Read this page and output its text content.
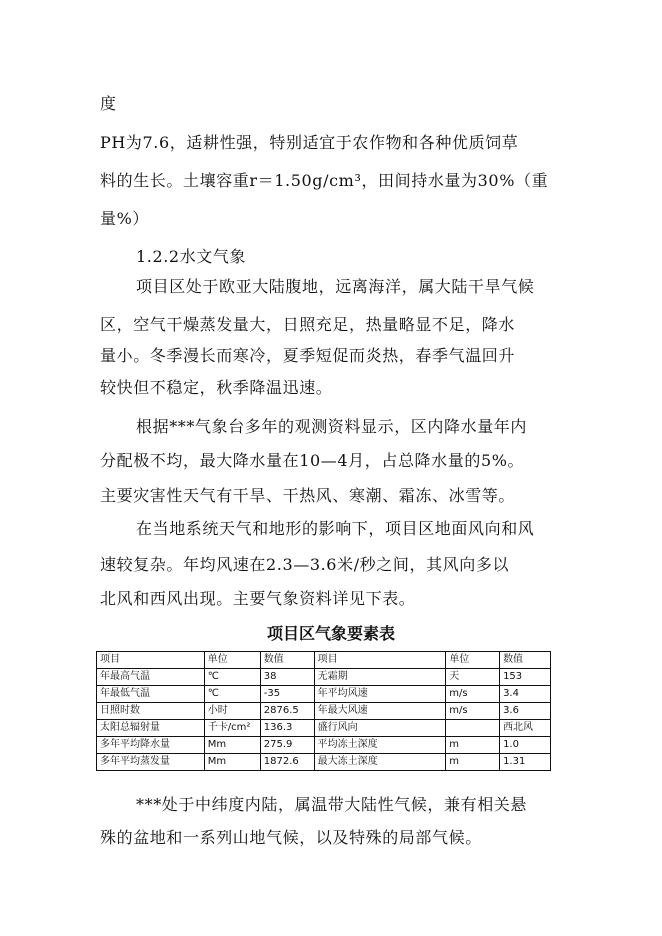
度
PH为7.6，适耕性强，特别适宜于农作物和各种优质饲草
料的生长。土壤容重r＝1.50g/cm³，田间持水量为30%（重
量%）
1.2.2水文气象
项目区处于欧亚大陆腹地，远离海洋，属大陆干旱气候
区，空气干燥蒸发量大，日照充足，热量略显不足，降水
量小。冬季漫长而寒冷，夏季短促而炎热，春季气温回升
较快但不稳定，秋季降温迅速。
根据***气象台多年的观测资料显示，区内降水量年内
分配极不均，最大降水量在10—4月，占总降水量的5%。
主要灾害性天气有干旱、干热风、寒潮、霜冻、冰雪等。
在当地系统天气和地形的影响下，项目区地面风向和风
速较复杂。年均风速在2.3—3.6米/秒之间，其风向多以
北风和西风出现。主要气象资料详见下表。
项目区气象要素表
项目	单位	数值	项目	单位	数值
年最高气温	℃	38	无霜期	天	153
年最低气温	℃	-35	年平均风速	m/s	3.4
日照时数	小时	2876.5	年最大风速	m/s	3.6
太阳总辐射量	千卡/cm²	136.3	盛行风向		西北风
多年平均降水量	Mm	275.9	平均冻土深度	m	1.0
多年平均蒸发量	Mm	1872.6	最大冻土深度	m	1.31
***处于中纬度内陆，属温带大陆性气候，兼有相关悬
殊的盆地和一系列山地气候，以及特殊的局部气候。
